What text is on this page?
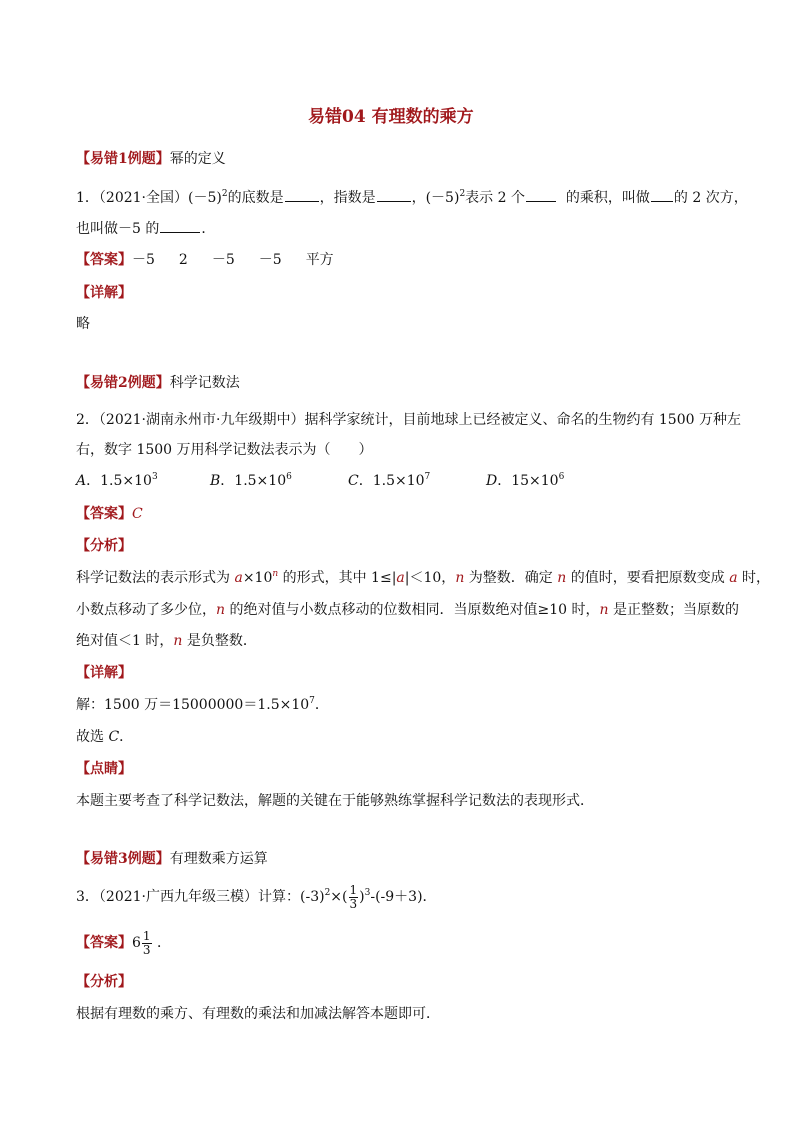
易错04 有理数的乘方
【易错1例题】幂的定义
1．（2021·全国）$(-5)^2$的底数是	，指数是	，$(-5)^2$表示 2 个	的乘积，叫做 的 2 次方，
也叫做－5 的	．
【答案】－5 2 －5 －5 平方
【详解】
略
【易错2例题】科学记数法
2．（2021·湖南永州市·九年级期中）据科学家统计，目前地球上已经被定义、命名的生物约有 1500 万种左
右，数字 1500 万用科学记数法表示为（　　）
A．$1.5\times 10^3$	B．$1.5\times 10^6$	C．$1.5\times 10^7$	D．$15\times 10^6$
【答案】C
【分析】
科学记数法的表示形式为 $a\times 10^n$ 的形式，其中 1≤|a|＜10，n 为整数．确定 n 的值时，要看把原数变成 a 时，
小数点移动了多少位，n 的绝对值与小数点移动的位数相同．当原数绝对值≥10 时，n 是正整数；当原数的
绝对值＜1 时，n 是负整数．
【详解】
解：1500 万$=15000000=1.5\times 10^7$．
故选 C．
【点睛】
本题主要考查了科学记数法，解题的关键在于能够熟练掌握科学记数法的表现形式．
【易错3例题】有理数乘方运算
3．（2021·广西九年级三模）计算：$(-3)^2\times( \frac{1}{3} )^3-(-9+3)$．
【答案】$6 \frac{1}{3}$ ．
【分析】
根据有理数的乘方、有理数的乘法和加减法解答本题即可．
